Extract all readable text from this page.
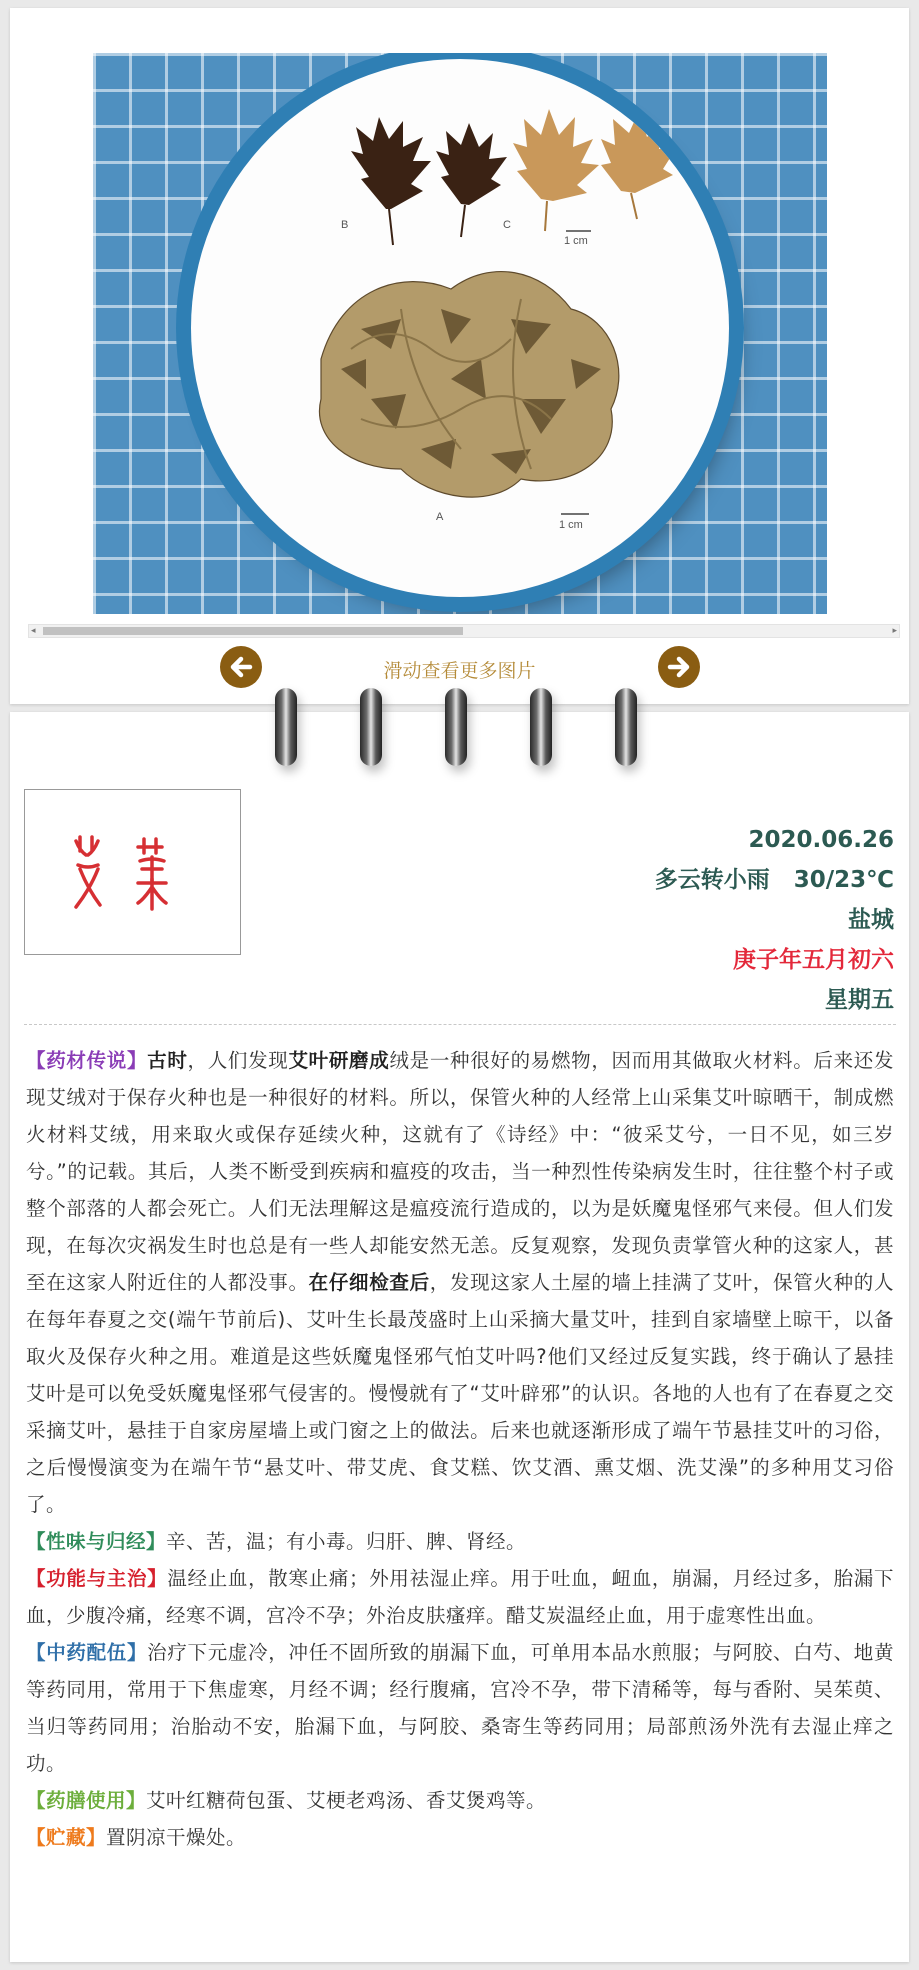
B	C
1 cm
A
1 cm
◂	▸
滑动查看更多图片
2020.06.26
多云转小雨   30/23℃
盐城
庚子年五月初六
星期五

【药材传说】古时，人们发现艾叶研磨成绒是一种很好的易燃物，因而用其做取火材料。后来还发现艾绒对于保存火种也是一种很好的材料。所以，保管火种的人经常上山采集艾叶晾晒干，制成燃火材料艾绒，用来取火或保存延续火种，这就有了《诗经》中：“彼采艾兮，一日不见，如三岁兮。”的记载。其后，人类不断受到疾病和瘟疫的攻击，当一种烈性传染病发生时，往往整个村子或整个部落的人都会死亡。人们无法理解这是瘟疫流行造成的，以为是妖魔鬼怪邪气来侵。但人们发现，在每次灾祸发生时也总是有一些人却能安然无恙。反复观察，发现负责掌管火种的这家人，甚至在这家人附近住的人都没事。在仔细检查后，发现这家人土屋的墙上挂满了艾叶，保管火种的人在每年春夏之交(端午节前后)、艾叶生长最茂盛时上山采摘大量艾叶，挂到自家墙壁上晾干，以备取火及保存火种之用。难道是这些妖魔鬼怪邪气怕艾叶吗?他们又经过反复实践，终于确认了悬挂艾叶是可以免受妖魔鬼怪邪气侵害的。慢慢就有了“艾叶辟邪”的认识。各地的人也有了在春夏之交采摘艾叶，悬挂于自家房屋墙上或门窗之上的做法。后来也就逐渐形成了端午节悬挂艾叶的习俗，之后慢慢演变为在端午节“悬艾叶、带艾虎、食艾糕、饮艾酒、熏艾烟、洗艾澡”的多种用艾习俗了。

【性味与归经】辛、苦，温；有小毒。归肝、脾、肾经。

【功能与主治】温经止血，散寒止痛；外用祛湿止痒。用于吐血，衄血，崩漏，月经过多，胎漏下血，少腹冷痛，经寒不调，宫冷不孕；外治皮肤瘙痒。醋艾炭温经止血，用于虚寒性出血。

【中药配伍】治疗下元虚冷，冲任不固所致的崩漏下血，可单用本品水煎服；与阿胶、白芍、地黄等药同用，常用于下焦虚寒，月经不调；经行腹痛，宫冷不孕，带下清稀等，每与香附、吴茱萸、当归等药同用；治胎动不安，胎漏下血，与阿胶、桑寄生等药同用；局部煎汤外洗有去湿止痒之功。

【药膳使用】艾叶红糖荷包蛋、艾梗老鸡汤、香艾煲鸡等。

【贮藏】置阴凉干燥处。
